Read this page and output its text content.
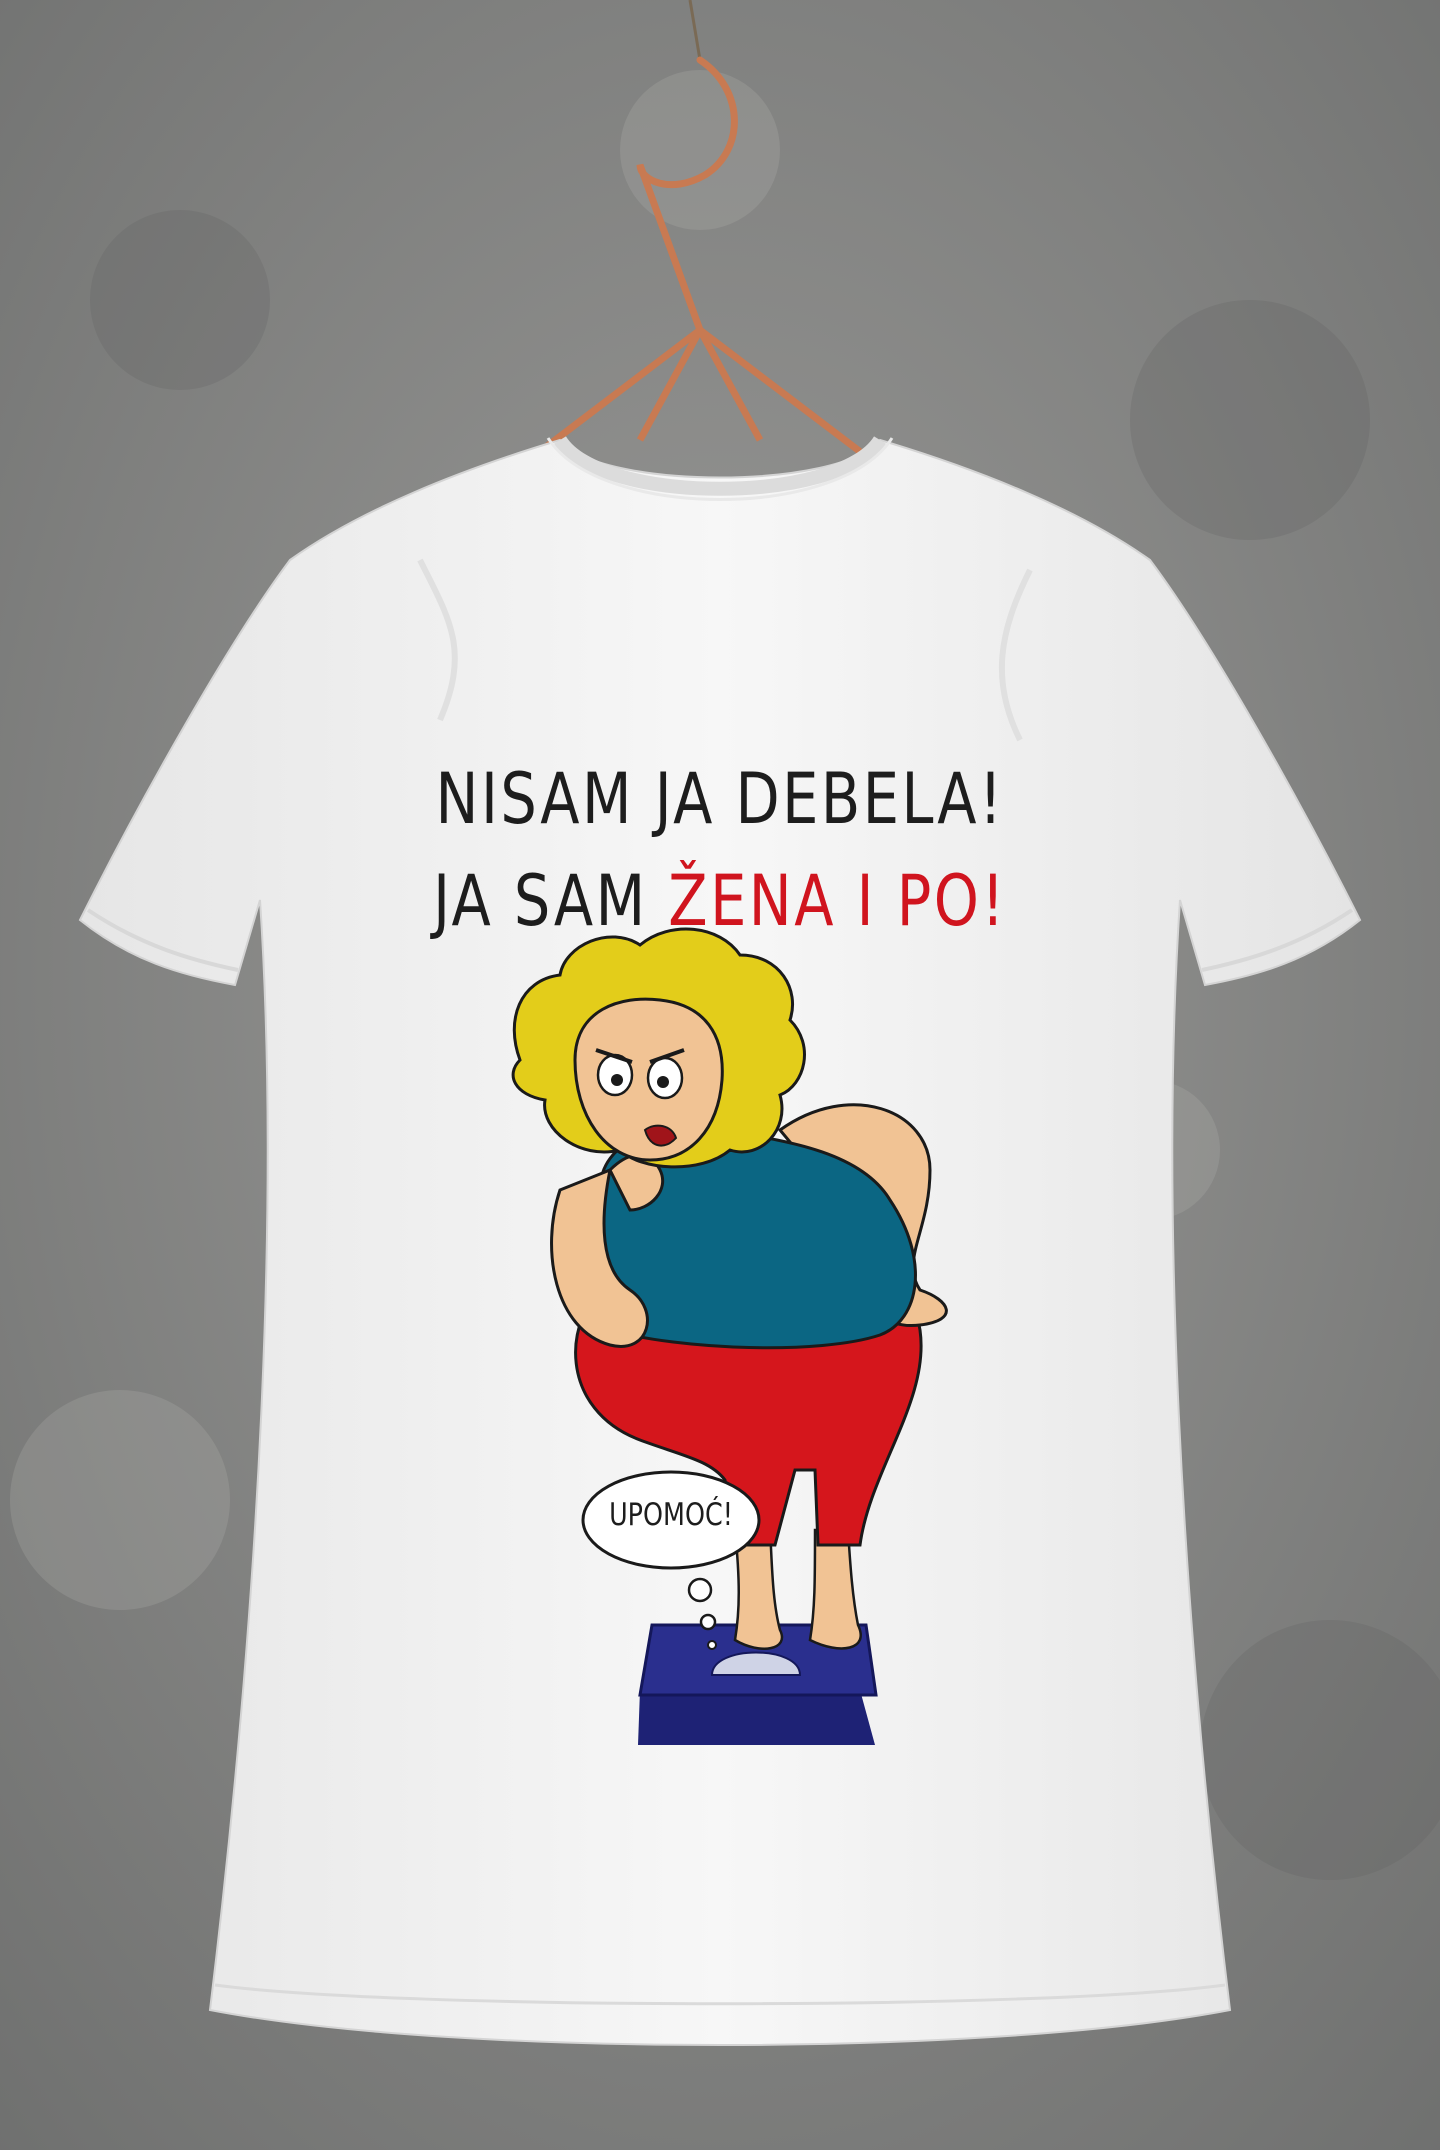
NISAM JA DEBELA!
JA SAM ŽENA I PO!
UPOMOĆ!
